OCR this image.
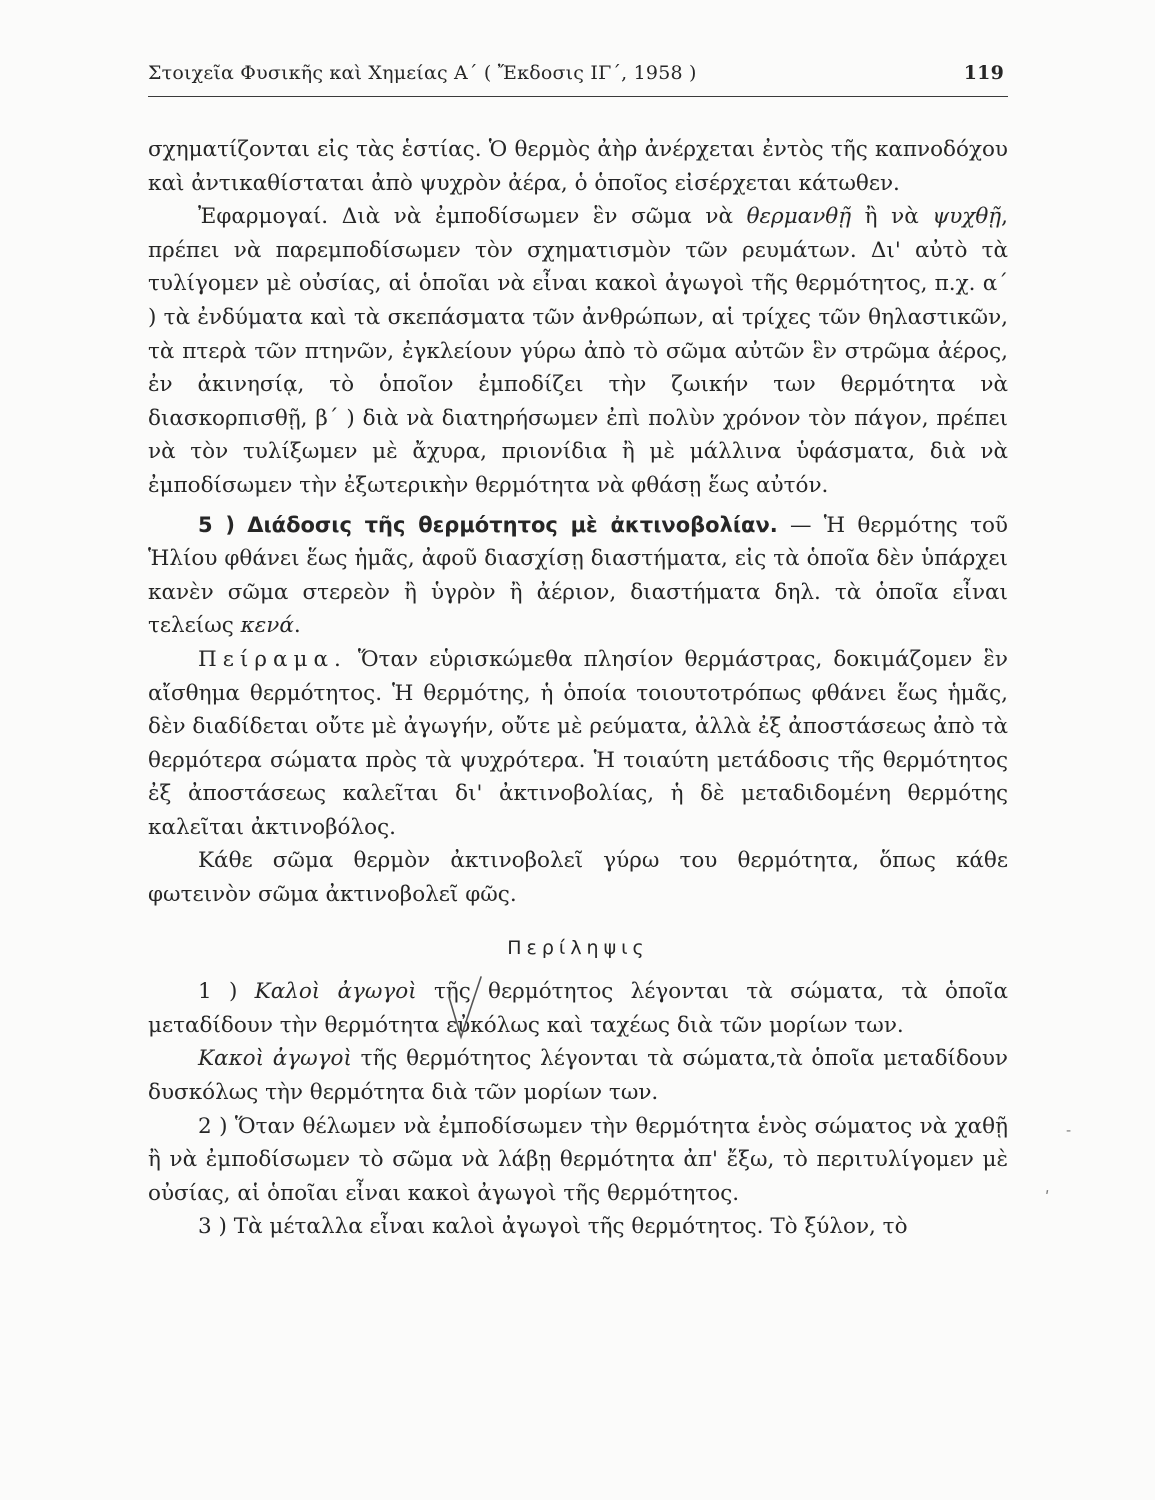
Στοιχεῖα Φυσικῆς καὶ Χημείας Α΄ ( Ἔκδοσις ΙΓ΄, 1958 )	119

σχηματίζονται εἰς τὰς ἑστίας. Ὁ θερμὸς ἀὴρ ἀνέρχεται ἐντὸς τῆς καπνοδόχου καὶ ἀντικαθίσταται ἀπὸ ψυχρὸν ἀέρα, ὁ ὁποῖος εἰσέρχεται κάτωθεν.

Ἐφαρμογαί. Διὰ νὰ ἐμποδίσωμεν ἓν σῶμα νὰ θερμανθῇ ἢ νὰ ψυχθῇ, πρέπει νὰ παρεμποδίσωμεν τὸν σχηματισμὸν τῶν ρευμάτων. Δι' αὐτὸ τὰ τυλίγομεν μὲ οὐσίας, αἱ ὁποῖαι νὰ εἶναι κακοὶ ἀγωγοὶ τῆς θερμότητος, π.χ. α΄ ) τὰ ἐνδύματα καὶ τὰ σκεπάσματα τῶν ἀνθρώπων, αἱ τρίχες τῶν θηλαστικῶν, τὰ πτερὰ τῶν πτηνῶν, ἐγκλείουν γύρω ἀπὸ τὸ σῶμα αὐτῶν ἓν στρῶμα ἀέρος, ἐν ἀκινησίᾳ, τὸ ὁποῖον ἐμποδίζει τὴν ζωικήν των θερμότητα νὰ διασκορπισθῇ, β΄ ) διὰ νὰ διατηρήσωμεν ἐπὶ πολὺν χρόνον τὸν πάγον, πρέπει νὰ τὸν τυλίξωμεν μὲ ἄχυρα, πριονίδια ἢ μὲ μάλλινα ὑφάσματα, διὰ νὰ ἐμποδίσωμεν τὴν ἐξωτερικὴν θερμότητα νὰ φθάσῃ ἕως αὐτόν.

5 ) Διάδοσις τῆς θερμότητος μὲ ἀκτινοβολίαν. — Ἡ θερμότης τοῦ Ἡλίου φθάνει ἕως ἡμᾶς, ἀφοῦ διασχίσῃ διαστήματα, εἰς τὰ ὁποῖα δὲν ὑπάρχει κανὲν σῶμα στερεὸν ἢ ὑγρὸν ἢ ἀέριον, διαστήματα δηλ. τὰ ὁποῖα εἶναι τελείως κενά.

Πείραμα. Ὅταν εὑρισκώμεθα πλησίον θερμάστρας, δοκιμάζομεν ἓν αἴσθημα θερμότητος. Ἡ θερμότης, ἡ ὁποία τοιουτοτρόπως φθάνει ἕως ἡμᾶς, δὲν διαδίδεται οὔτε μὲ ἀγωγήν, οὔτε μὲ ρεύματα, ἀλλὰ ἐξ ἀποστάσεως ἀπὸ τὰ θερμότερα σώματα πρὸς τὰ ψυχρότερα. Ἡ τοιαύτη μετάδοσις τῆς θερμότητος ἐξ ἀποστάσεως καλεῖται δι' ἀκτινοβολίας, ἡ δὲ μεταδιδομένη θερμότης καλεῖται ἀκτινοβόλος.

Κάθε σῶμα θερμὸν ἀκτινοβολεῖ γύρω του θερμότητα, ὅπως κάθε φωτεινὸν σῶμα ἀκτινοβολεῖ φῶς.

Περίληψις

1 ) Καλοὶ ἀγωγοὶ τῆς θερμότητος λέγονται τὰ σώματα, τὰ ὁποῖα μεταδίδουν τὴν θερμότητα εὐκόλως καὶ ταχέως διὰ τῶν μορίων των.

Κακοὶ ἀγωγοὶ τῆς θερμότητος λέγονται τὰ σώματα,τὰ ὁποῖα μεταδίδουν δυσκόλως τὴν θερμότητα διὰ τῶν μορίων των.

2 ) Ὅταν θέλωμεν νὰ ἐμποδίσωμεν τὴν θερμότητα ἑνὸς σώματος νὰ χαθῇ ἢ νὰ ἐμποδίσωμεν τὸ σῶμα νὰ λάβῃ θερμότητα ἀπ' ἔξω, τὸ περιτυλίγομεν μὲ οὐσίας, αἱ ὁποῖαι εἶναι κακοὶ ἀγωγοὶ τῆς θερμότητος.

3 ) Τὰ μέταλλα εἶναι καλοὶ ἀγωγοὶ τῆς θερμότητος. Τὸ ξύλον, τὸ

˗
ʹ
